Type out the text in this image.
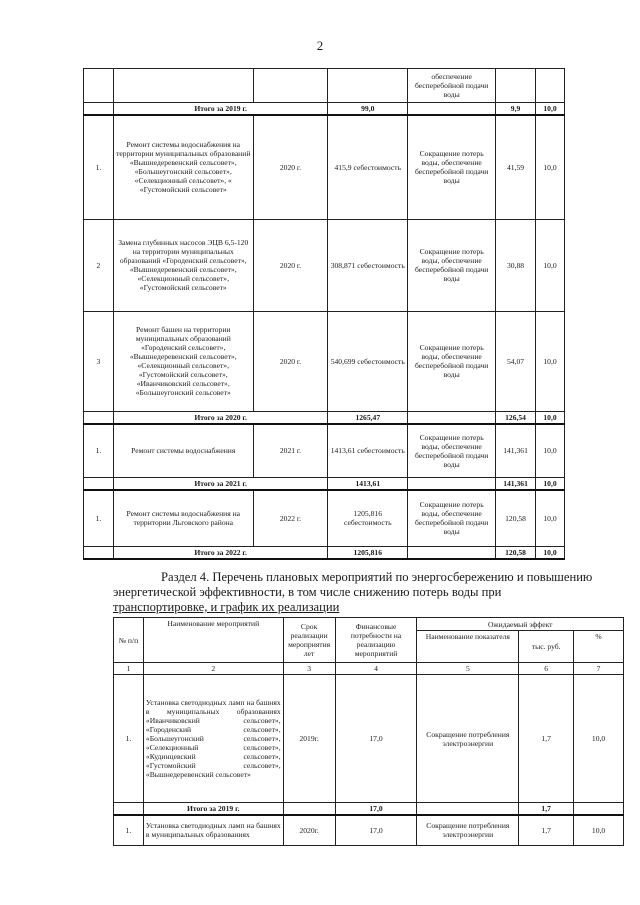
2
				обеспечение бесперебойной подачи воды		
	Итого за 2019 г.		99,0		9,9	10,0
1.	Ремонт системы водоснабжения на территории муниципальных образований «Вышнедеревенский сельсовет», «Большеугонский сельсовет», «Селекционный сельсовет», « «Густомойский сельсовет»	2020 г.	415,9 себестоимость	Сокращение потерь воды, обеспечение бесперебойной подачи воды	41,59	10,0
2	Замена глубинных насосов ЭЦВ 6,5-120 на территории муниципальных образований «Городенский сельсовет», «Вышнедеревенский сельсовет», «Селекционный сельсовет», «Густомойский сельсовет»	2020 г.	308,871 себестоимость	Сокращение потерь воды, обеспечение бесперебойной подачи воды	30,88	10,0
3	Ремонт башен на территории муниципальных образований «Городенский сельсовет», «Вышнедеревенский сельсовет», «Селекционный сельсовет», «Густомойский сельсовет», «Иванчиковский сельсовет», «Большеугонский сельсовет»	2020 г.	540,699 себестоимость	Сокращение потерь воды, обеспечение бесперебойной подачи воды	54,07	10,0
	Итого за 2020 г.		1265,47		126,54	10,0
1.	Ремонт системы водоснабжения	2021 г.	1413,61 себестоимость	Сокращение потерь воды, обеспечение бесперебойной подачи воды	141,361	10,0
	Итого за 2021 г.		1413,61		141,361	10,0
1.	Ремонт системы водоснабжения на территории Льговского района	2022 г.	1205,816 себестоимость	Сокращение потерь воды, обеспечение бесперебойной подачи воды	120,58	10,0
	Итого за 2022 г.		1205,816		120,58	10,0
Раздел 4. Перечень плановых мероприятий по энергосбережению и повышению
энергетической эффективности, в том числе снижению потерь воды при
транспортировке, и график их реализации
№ п/п	Наименование мероприятий	Срок реализации мероприятия лет	Финансовые потребности на реализацию мероприятий	Ожидаемый эффект		
				Наименование показателя	тыс. руб.	%
1	2	3	4	5	6	7
1.	Установка светодиодных ламп на башнях в муниципальных образованиях «Иванчиковский сельсовет», «Городенский сельсовет», «Большеугонский сельсовет», «Селекционный сельсовет», «Кудинцевский сельсовет», «Густомойский сельсовет», «Вышнедеревенский сельсовет»	2019г.	17,0	Сокращение потребления электроэнергии	1,7	10,0
	Итого за 2019 г.		17,0		1,7	
1.	Установка светодиодных ламп на башнях в муниципальных образованиях	2020г.	17,0	Сокращение потребления электроэнергии	1,7	10,0
